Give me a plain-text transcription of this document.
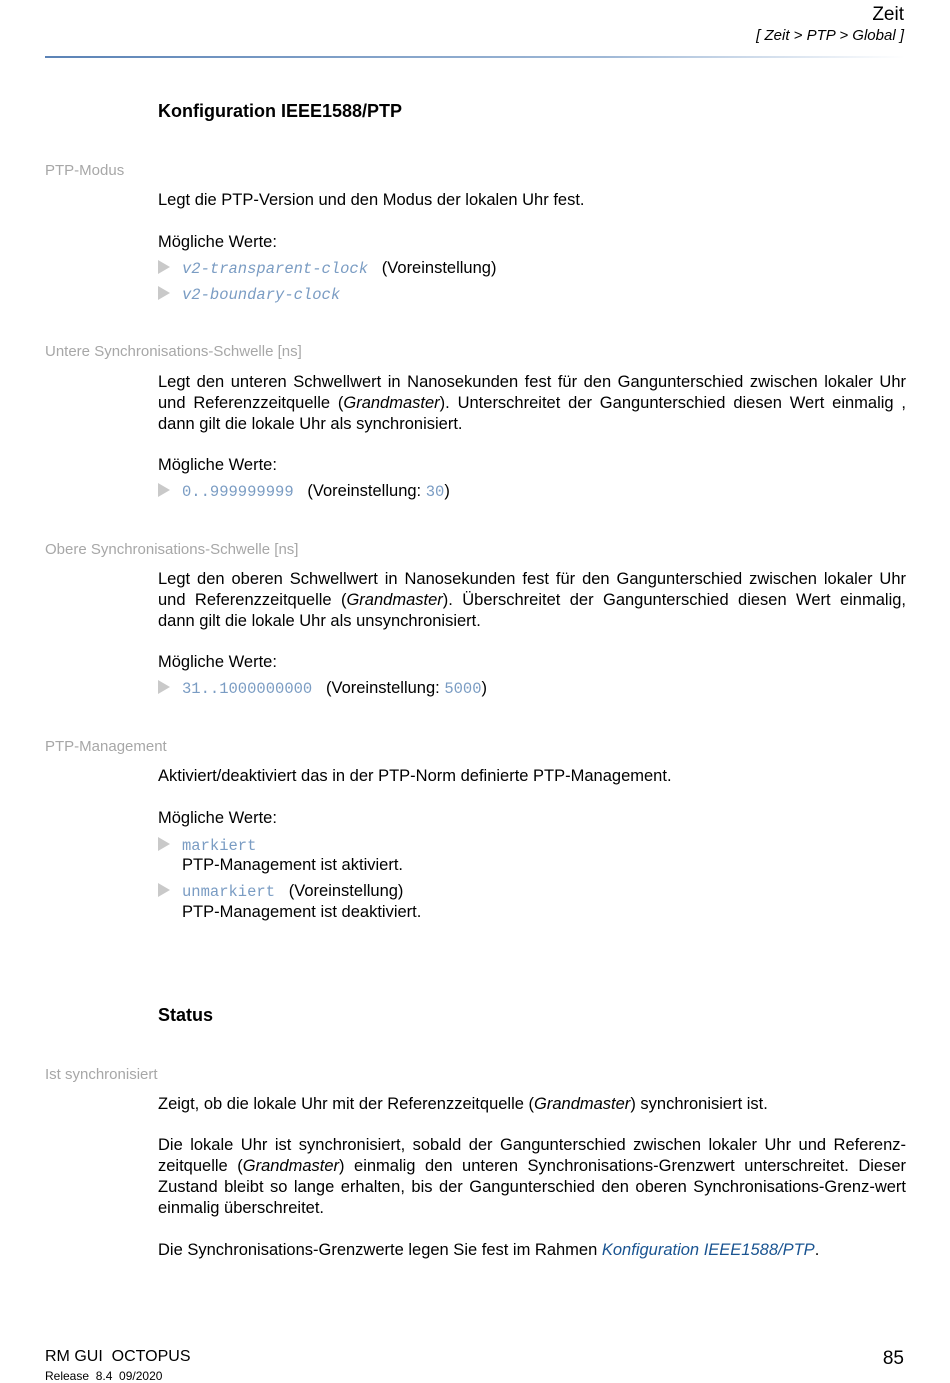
Zeit
[ Zeit > PTP > Global ]
Konfiguration IEEE1588/PTP
PTP-Modus
Legt die PTP-Version und den Modus der lokalen Uhr fest.
Mögliche Werte:
v2-transparent-clock (Voreinstellung)
v2-boundary-clock
Untere Synchronisations-Schwelle [ns]
Legt den unteren Schwellwert in Nanosekunden fest für den Gangunterschied zwischen lokaler Uhr und Referenzzeitquelle (Grandmaster). Unterschreitet der Gangunterschied diesen Wert einmalig , dann gilt die lokale Uhr als synchronisiert.
Mögliche Werte:
0..999999999 (Voreinstellung: 30)
Obere Synchronisations-Schwelle [ns]
Legt den oberen Schwellwert in Nanosekunden fest für den Gangunterschied zwischen lokaler Uhr und Referenzzeitquelle (Grandmaster). Überschreitet der Gangunterschied diesen Wert einmalig, dann gilt die lokale Uhr als unsynchronisiert.
Mögliche Werte:
31..1000000000 (Voreinstellung: 5000)
PTP-Management
Aktiviert/deaktiviert das in der PTP-Norm definierte PTP-Management.
Mögliche Werte:
markiert
PTP-Management ist aktiviert.
unmarkiert (Voreinstellung)
PTP-Management ist deaktiviert.
Status
Ist synchronisiert
Zeigt, ob die lokale Uhr mit der Referenzzeitquelle (Grandmaster) synchronisiert ist.
Die lokale Uhr ist synchronisiert, sobald der Gangunterschied zwischen lokaler Uhr und Referenz-zeitquelle (Grandmaster) einmalig den unteren Synchronisations-Grenzwert unterschreitet. Dieser Zustand bleibt so lange erhalten, bis der Gangunterschied den oberen Synchronisations-Grenz-wert einmalig überschreitet.
Die Synchronisations-Grenzwerte legen Sie fest im Rahmen Konfiguration IEEE1588/PTP.
RM GUI  OCTOPUS
Release  8.4  09/2020
85
